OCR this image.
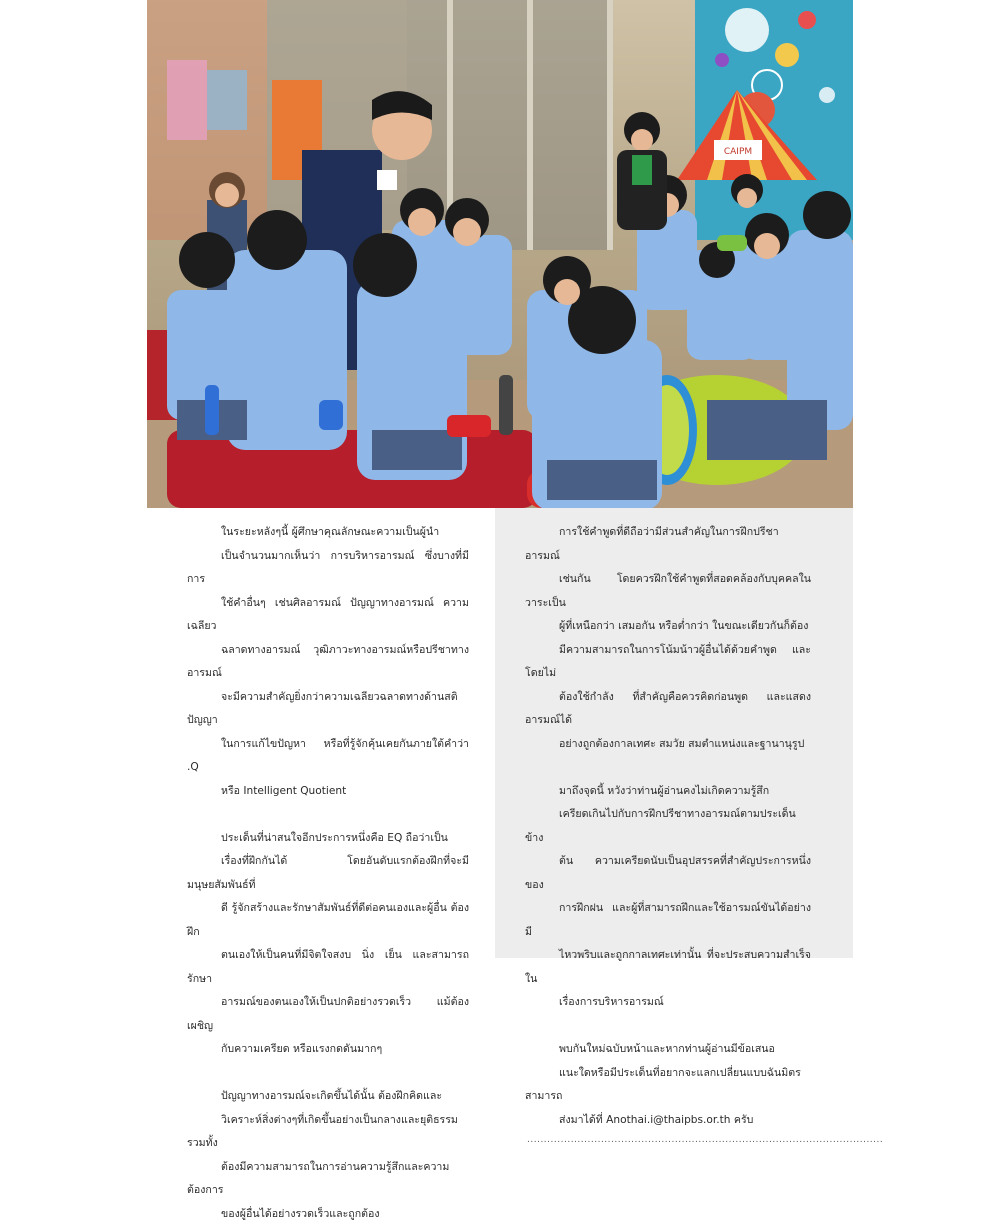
CAIPM

ในระยะหลังๆนี้ ผู้ศึกษาคุณลักษณะความเป็นผู้นำ
เป็นจำนวนมากเห็นว่า การบริหารอารมณ์ ซึ่งบางที่มีการ
ใช้คำอื่นๆ เช่นศิลอารมณ์ ปัญญาทางอารมณ์ ความเฉลียว
ฉลาดทางอารมณ์ วุฒิภาวะทางอารมณ์หรือปรีชาทางอารมณ์
จะมีความสำคัญยิ่งกว่าความเฉลียวฉลาดทางด้านสติปัญญา
ในการแก้ไขปัญหา หรือที่รู้จักคุ้นเคยกันภายใต้คำว่า .Q
หรือ Intelligent Quotient

ประเด็นที่น่าสนใจอีกประการหนึ่งคือ EQ ถือว่าเป็น
เรื่องที่ฝึกกันได้ โดยอันดับแรกต้องฝึกที่จะมีมนุษยสัมพันธ์ที่
ดี รู้จักสร้างและรักษาสัมพันธ์ที่ดีต่อคนเองและผู้อื่น ต้องฝึก
ตนเองให้เป็นคนที่มีจิตใจสงบ นิ่ง เย็น และสามารถรักษา
อารมณ์ของตนเองให้เป็นปกติอย่างรวดเร็ว แม้ต้องเผชิญ
กับความเครียด หรือแรงกดดันมากๆ

ปัญญาทางอารมณ์จะเกิดขึ้นได้นั้น ต้องฝึกคิดและ
วิเคราะห์สิ่งต่างๆที่เกิดขึ้นอย่างเป็นกลางและยุติธรรมรวมทั้ง
ต้องมีความสามารถในการอ่านความรู้สึกและความ ต้องการ
ของผู้อื่นได้อย่างรวดเร็วและถูกต้อง

การใช้คำพูดที่ดีถือว่ามีส่วนสำคัญในการฝึกปรีชาอารมณ์
เช่นกัน โดยควรฝึกใช้คำพูดที่สอดคล้องกับบุคคลในวาระเป็น
ผู้ที่เหนือกว่า เสมอกัน หรือต่ำกว่า ในขณะเดียวกันก็ต้อง
มีความสามารถในการโน้มน้าวผู้อื่นได้ด้วยคำพูด และโดยไม่
ต้องใช้กำลัง ที่สำคัญคือควรคิดก่อนพูด และแสดงอารมณ์ได้
อย่างถูกต้องกาลเทศะ สมวัย สมตำแหน่งและฐานานุรูป

มาถึงจุดนี้ หวังว่าท่านผู้อ่านคงไม่เกิดความรู้สึก
เครียดเกินไปกับการฝึกปรีชาทางอารมณ์ตามประเด็นข้าง
ต้น ความเครียดนับเป็นอุปสรรคที่สำคัญประการหนึ่งของ
การฝึกฝน และผู้ที่สามารถฝึกและใช้อารมณ์ขันได้อย่างมี
ไหวพริบและถูกกาลเทศะเท่านั้น ที่จะประสบความสำเร็จใน
เรื่องการบริหารอารมณ์

พบกันใหม่ฉบับหน้าและหากท่านผู้อ่านมีข้อเสนอ
แนะใดหรือมีประเด็นที่อยากจะแลกเปลี่ยนแบบฉันมิตร สามารถ
ส่งมาได้ที่ Anothai.i@thaipbs.or.th ครับ

..........................................................................................................
